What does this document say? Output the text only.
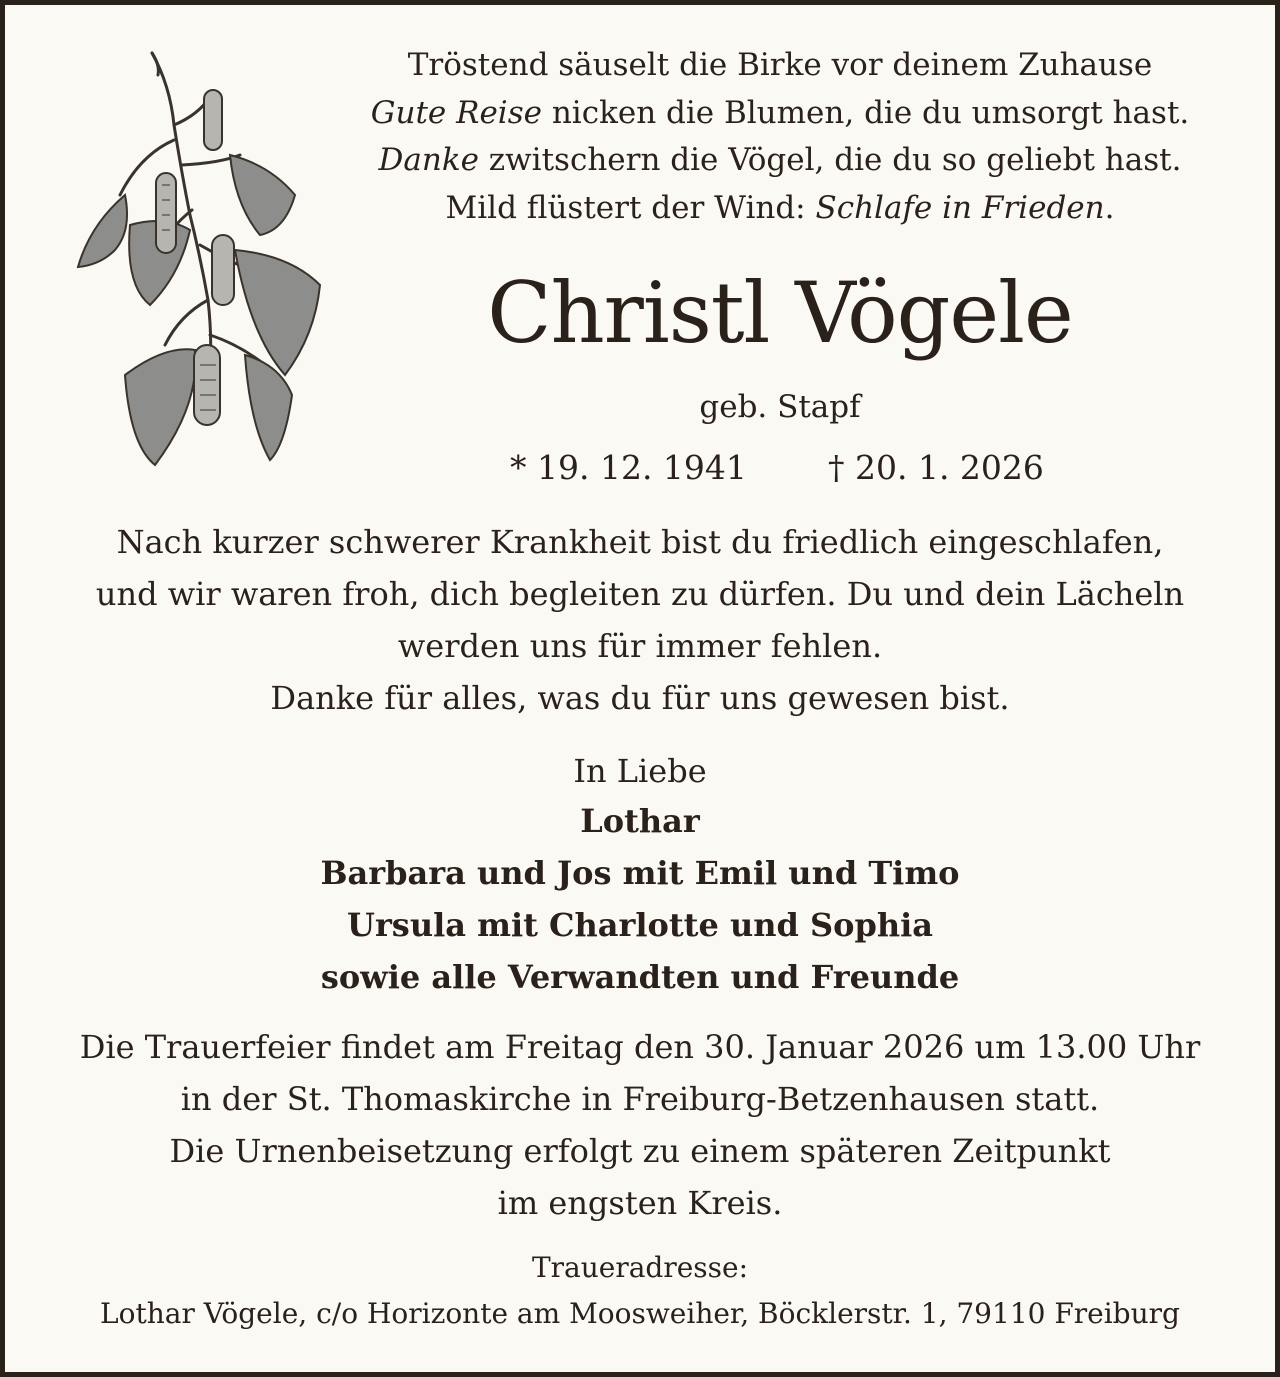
Tröstend säuselt die Birke vor deinem Zuhause
Gute Reise nicken die Blumen, die du umsorgt hast.
Danke zwitschern die Vögel, die du so geliebt hast.
Mild flüstert der Wind: Schlafe in Frieden.
Christl Vögele
geb. Stapf
* 19. 12. 1941 † 20. 1. 2026
Nach kurzer schwerer Krankheit bist du friedlich eingeschlafen,
und wir waren froh, dich begleiten zu dürfen. Du und dein Lächeln
werden uns für immer fehlen.
Danke für alles, was du für uns gewesen bist.
In Liebe
Lothar
Barbara und Jos mit Emil und Timo
Ursula mit Charlotte und Sophia
sowie alle Verwandten und Freunde
Die Trauerfeier findet am Freitag den 30. Januar 2026 um 13.00 Uhr
in der St. Thomaskirche in Freiburg-Betzenhausen statt.
Die Urnenbeisetzung erfolgt zu einem späteren Zeitpunkt
im engsten Kreis.
Traueradresse:
Lothar Vögele, c/o Horizonte am Moosweiher, Böcklerstr. 1, 79110 Freiburg
